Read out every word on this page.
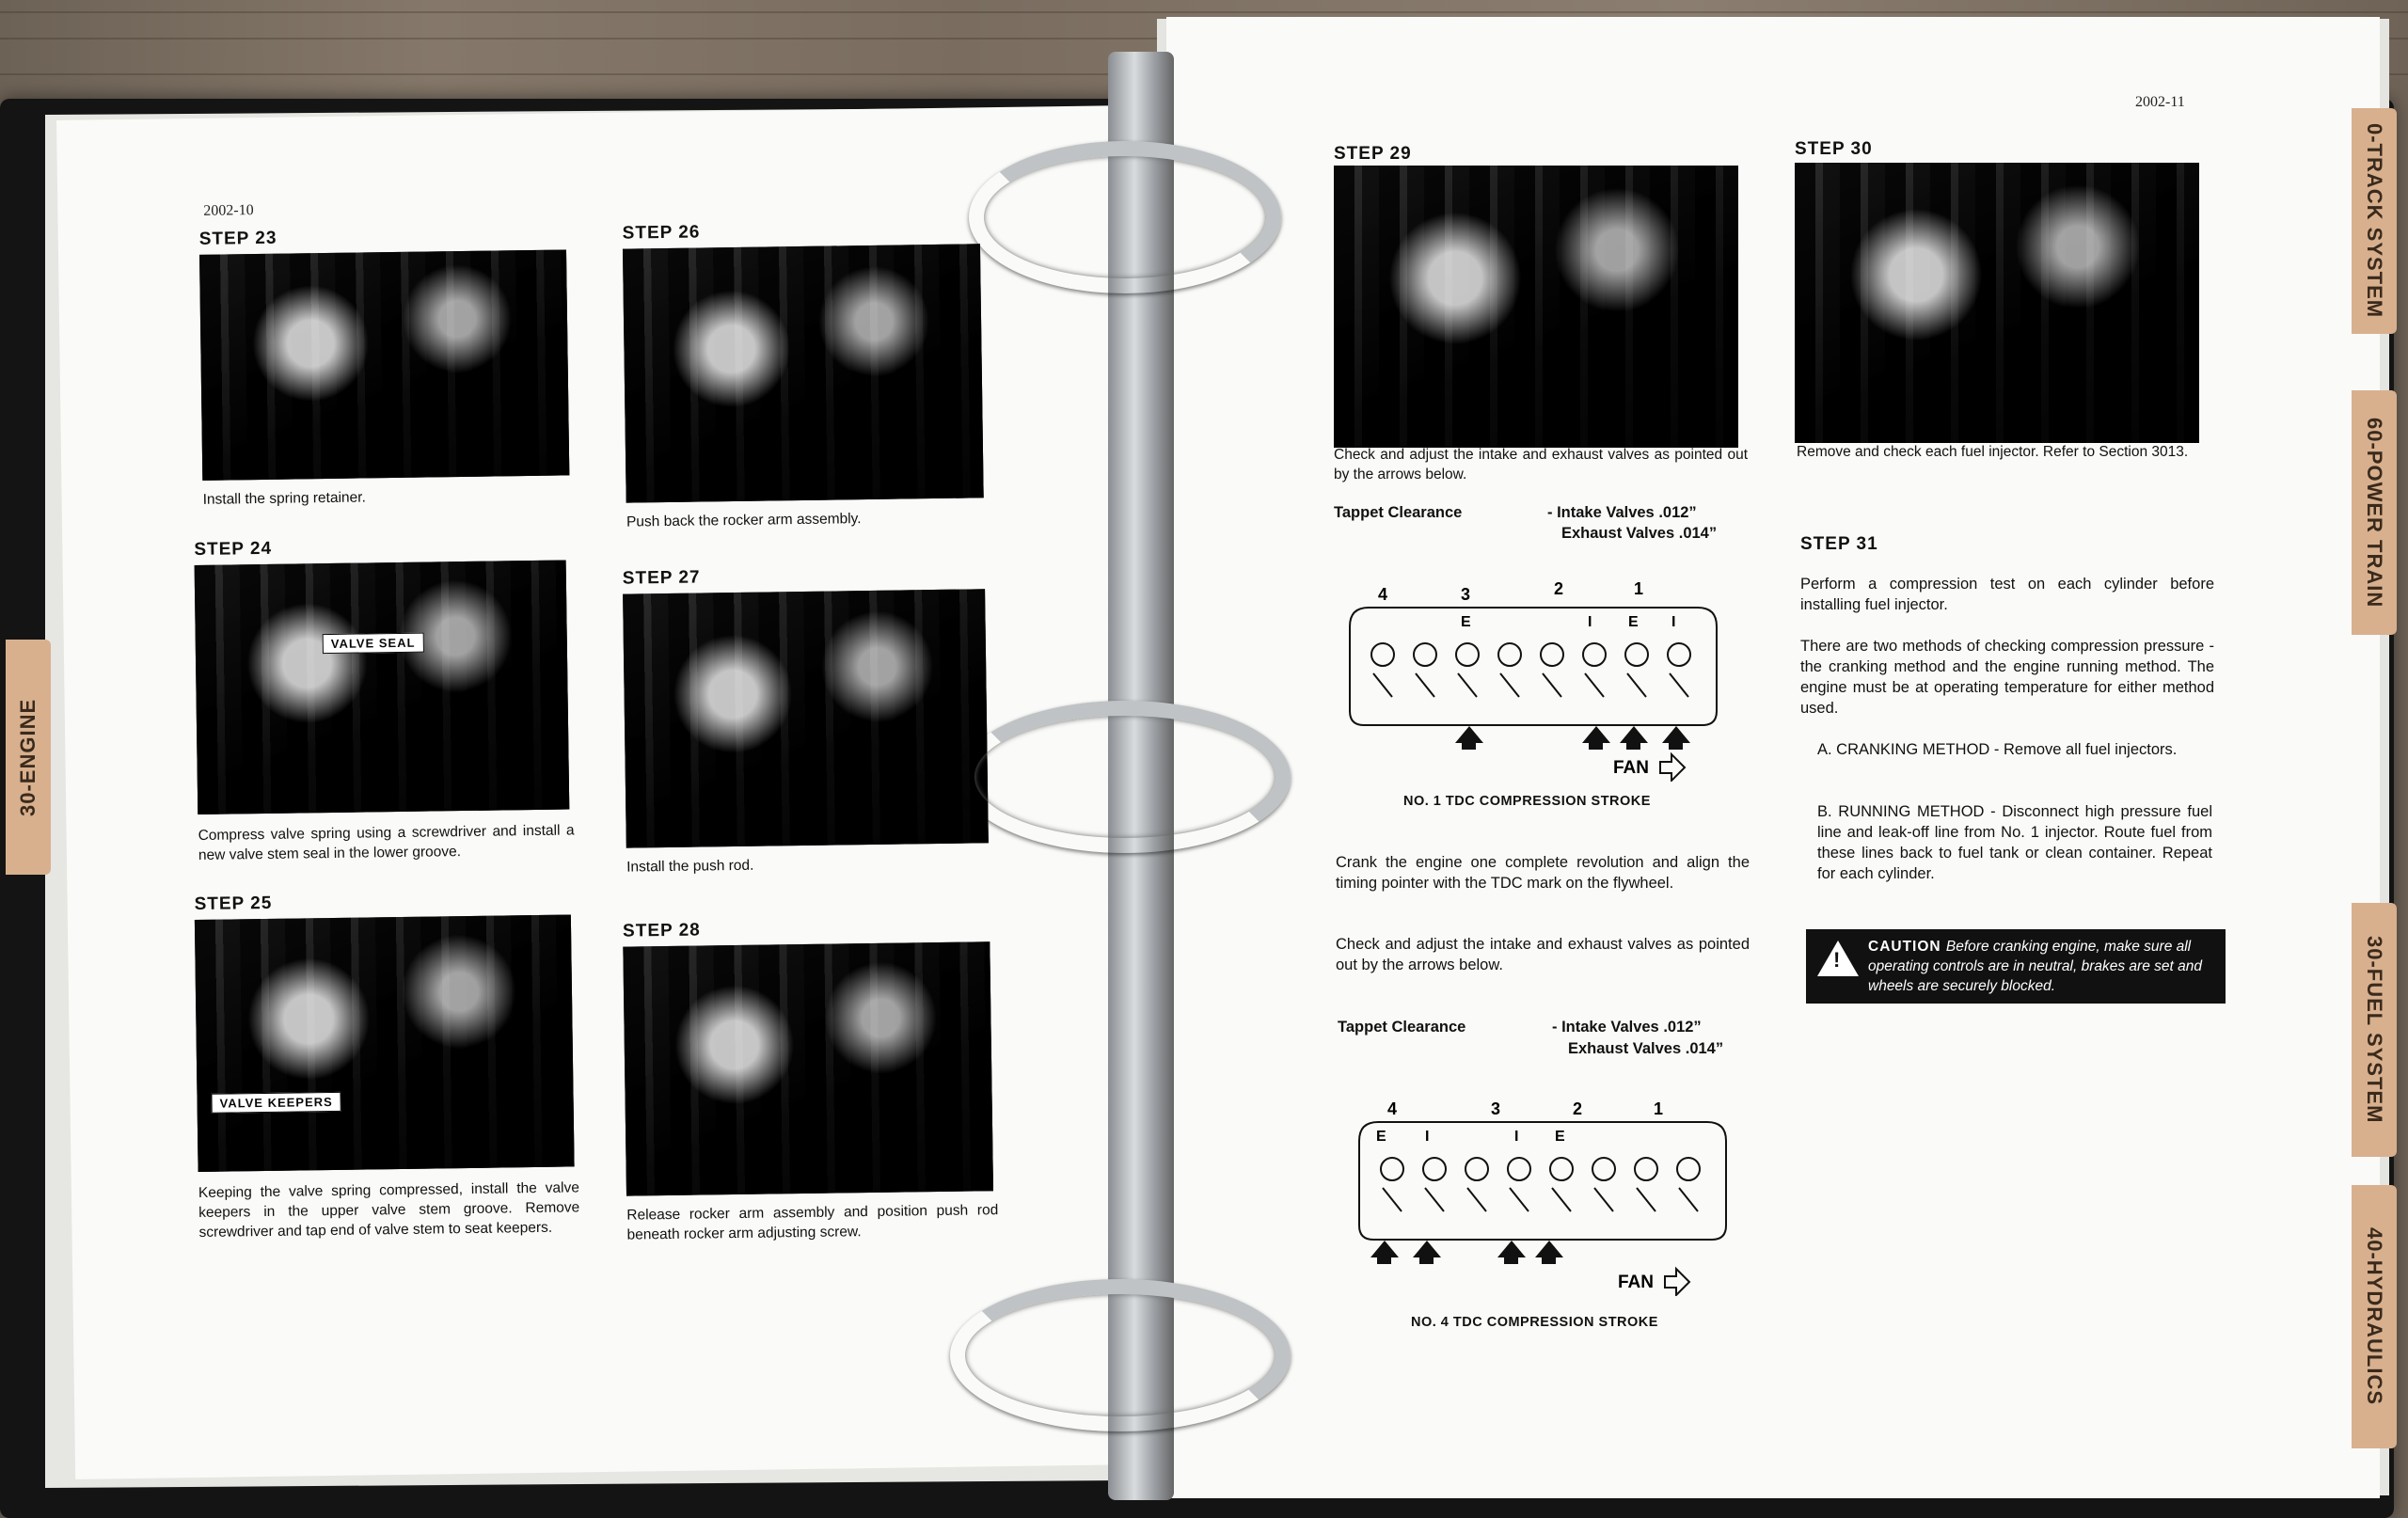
2002-10
STEP 23
Install the spring retainer.
STEP 26
Push back the rocker arm assembly.
STEP 24
VALVE SEAL
Compress valve spring using a screwdriver and install a new valve stem seal in the lower groove.
STEP 27
Install the push rod.
STEP 25
VALVE KEEPERS
Keeping the valve spring compressed, install the valve keepers in the upper valve stem groove. Remove screwdriver and tap end of valve stem to seat keepers.
STEP 28
Release rocker arm assembly and position push rod beneath rocker arm adjusting screw.
30-ENGINE
2002-11
STEP 29
Check and adjust the intake and exhaust valves as pointed out by the arrows below.
Tappet Clearance	- Intake Valves .012”
Exhaust Valves .014”
4	3	2	1
E	I E I
FAN
NO. 1 TDC COMPRESSION STROKE
Crank the engine one complete revolution and align the timing pointer with the TDC mark on the flywheel.
Check and adjust the intake and exhaust valves as pointed out by the arrows below.
Tappet Clearance	- Intake Valves .012”
Exhaust Valves .014”
4	3	2	1
E	I	I E
FAN
NO. 4 TDC COMPRESSION STROKE
STEP 30
Remove and check each fuel injector. Refer to Section 3013.
STEP 31
Perform a compression test on each cylinder before installing fuel injector.
There are two methods of checking compression pressure - the cranking method and the engine running method. The engine must be at operating temperature for either method used.
A. CRANKING METHOD - Remove all fuel injectors.
B. RUNNING METHOD - Disconnect high pressure fuel line and leak-off line from No. 1 injector. Route fuel from these lines back to fuel tank or clean container. Repeat for each cylinder.
!
CAUTION Before cranking engine, make sure all operating controls are in neutral, brakes are set and wheels are securely blocked.
0-TRACK SYSTEM
60-POWER TRAIN
30-FUEL SYSTEM
40-HYDRAULICS
